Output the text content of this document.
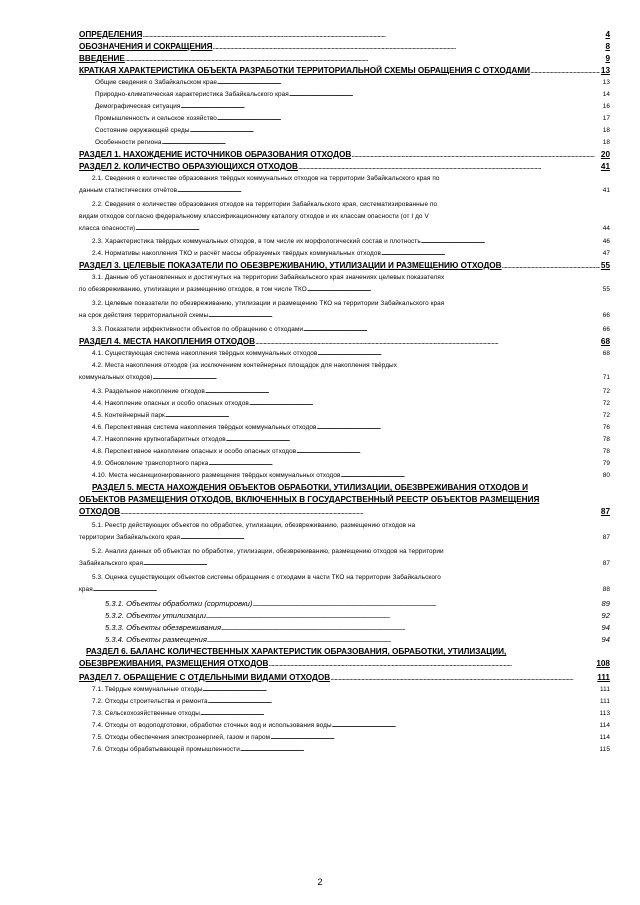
ОПРЕДЕЛЕНИЯ . . .	4
ОБОЗНАЧЕНИЯ И СОКРАЩЕНИЯ . . .	8
ВВЕДЕНИЕ . . .	9
КРАТКАЯ ХАРАКТЕРИСТИКА ОБЪЕКТА РАЗРАБОТКИ ТЕРРИТОРИАЛЬНОЙ СХЕМЫ ОБРАЩЕНИЯ С ОТХОДАМИ . . .	13
Общие сведения о Забайкальском крае . . .	13
Природно-климатическая характеристика Забайкальского края . . .	14
Демографическая ситуация . . .	16
Промышленность и сельское хозяйство . . .	17
Состояние окружающей среды . . .	18
Особенности региона . . .	18
РАЗДЕЛ 1. НАХОЖДЕНИЕ ИСТОЧНИКОВ ОБРАЗОВАНИЯ ОТХОДОВ . . .	20
РАЗДЕЛ 2. КОЛИЧЕСТВО ОБРАЗУЮЩИХСЯ ОТХОДОВ . . .	41
2.1. Сведения о количестве образования твёрдых коммунальных отходов на территории Забайкальского края по
данным статистических отчётов . . .	41
2.2. Сведения о количестве образования отходов на территории Забайкальского края, систематизированные по
видам отходов согласно федеральному классификационному каталогу отходов и их классам опасности (от I до V
класса опасности) . . .	44
2.3. Характеристика твёрдых коммунальных отходов, в том числе их морфологический состав и плотность . . .	46
2.4. Нормативы накопления ТКО и расчёт массы образуемых твёрдых коммунальных отходов . . .	47
РАЗДЕЛ 3. ЦЕЛЕВЫЕ ПОКАЗАТЕЛИ ПО ОБЕЗВРЕЖИВАНИЮ, УТИЛИЗАЦИИ И РАЗМЕЩЕНИЮ ОТХОДОВ . . .	55
3.1. Данные об установленных и достигнутых на территории Забайкальского края значениях целевых показателях
по обезвреживанию, утилизации и размещению отходов, в том числе ТКО . . .	55
3.2. Целевые показатели по обезвреживанию, утилизации и размещению ТКО на территории Забайкальского края
на срок действия территориальной схемы . . .	66
3.3. Показатели эффективности объектов по обращению с отходами . . .	66
РАЗДЕЛ 4. МЕСТА НАКОПЛЕНИЯ ОТХОДОВ . . .	68
4.1. Существующая система накопления твёрдых коммунальных отходов . . .	68
4.2. Места накопления отходов (за исключением контейнерных площадок для накопления твёрдых
коммунальных отходов) . . .	71
4.3. Раздельное накопление отходов . . .	72
4.4. Накопление опасных и особо опасных отходов . . .	72
4.5. Контейнерный парк . . .	72
4.6. Перспективная система накопления твёрдых коммунальных отходов . . .	76
4.7. Накопление крупногабаритных отходов . . .	78
4.8. Перспективное накопление опасных и особо опасных отходов . . .	78
4.9. Обновление транспортного парка . . .	79
4.10. Места несанкционированного размещения твёрдых коммунальных отходов . . .	80
РАЗДЕЛ 5. МЕСТА НАХОЖДЕНИЯ ОБЪЕКТОВ ОБРАБОТКИ, УТИЛИЗАЦИИ, ОБЕЗВРЕЖИВАНИЯ ОТХОДОВ И
ОБЪЕКТОВ РАЗМЕЩЕНИЯ ОТХОДОВ, ВКЛЮЧЕННЫХ В ГОСУДАРСТВЕННЫЙ РЕЕСТР ОБЪЕКТОВ РАЗМЕЩЕНИЯ
ОТХОДОВ . . .	87
5.1. Реестр действующих объектов по обработке, утилизации, обезвреживанию, размещению отходов на
территории Забайкальского края . . .	87
5.2. Анализ данных об объектах по обработке, утилизации, обезвреживанию, размещению отходов на территории
Забайкальского края . . .	87
5.3. Оценка существующих объектов системы обращения с отходами в части ТКО на территории Забайкальского
края . . .	88
5.3.1. Объекты обработки (сортировки) . . .	89
5.3.2. Объекты утилизации . . .	92
5.3.3. Объекты обезвреживания . . .	94
5.3.4. Объекты размещения . . .	94
РАЗДЕЛ 6. БАЛАНС КОЛИЧЕСТВЕННЫХ ХАРАКТЕРИСТИК ОБРАЗОВАНИЯ, ОБРАБОТКИ, УТИЛИЗАЦИИ,
ОБЕЗВРЕЖИВАНИЯ, РАЗМЕЩЕНИЯ ОТХОДОВ . . .	108
РАЗДЕЛ 7. ОБРАЩЕНИЕ С ОТДЕЛЬНЫМИ ВИДАМИ ОТХОДОВ . . .	111
7.1. Твёрдые коммунальные отходы . . .	111
7.2. Отходы строительства и ремонта . . .	111
7.3. Сельскохозяйственные отходы . . .	113
7.4. Отходы от водоподготовки, обработки сточных вод и использования воды . . .	114
7.5. Отходы обеспечения электроэнергией, газом и паром . . .	114
7.6. Отходы обрабатывающей промышленности . . .	115
2
